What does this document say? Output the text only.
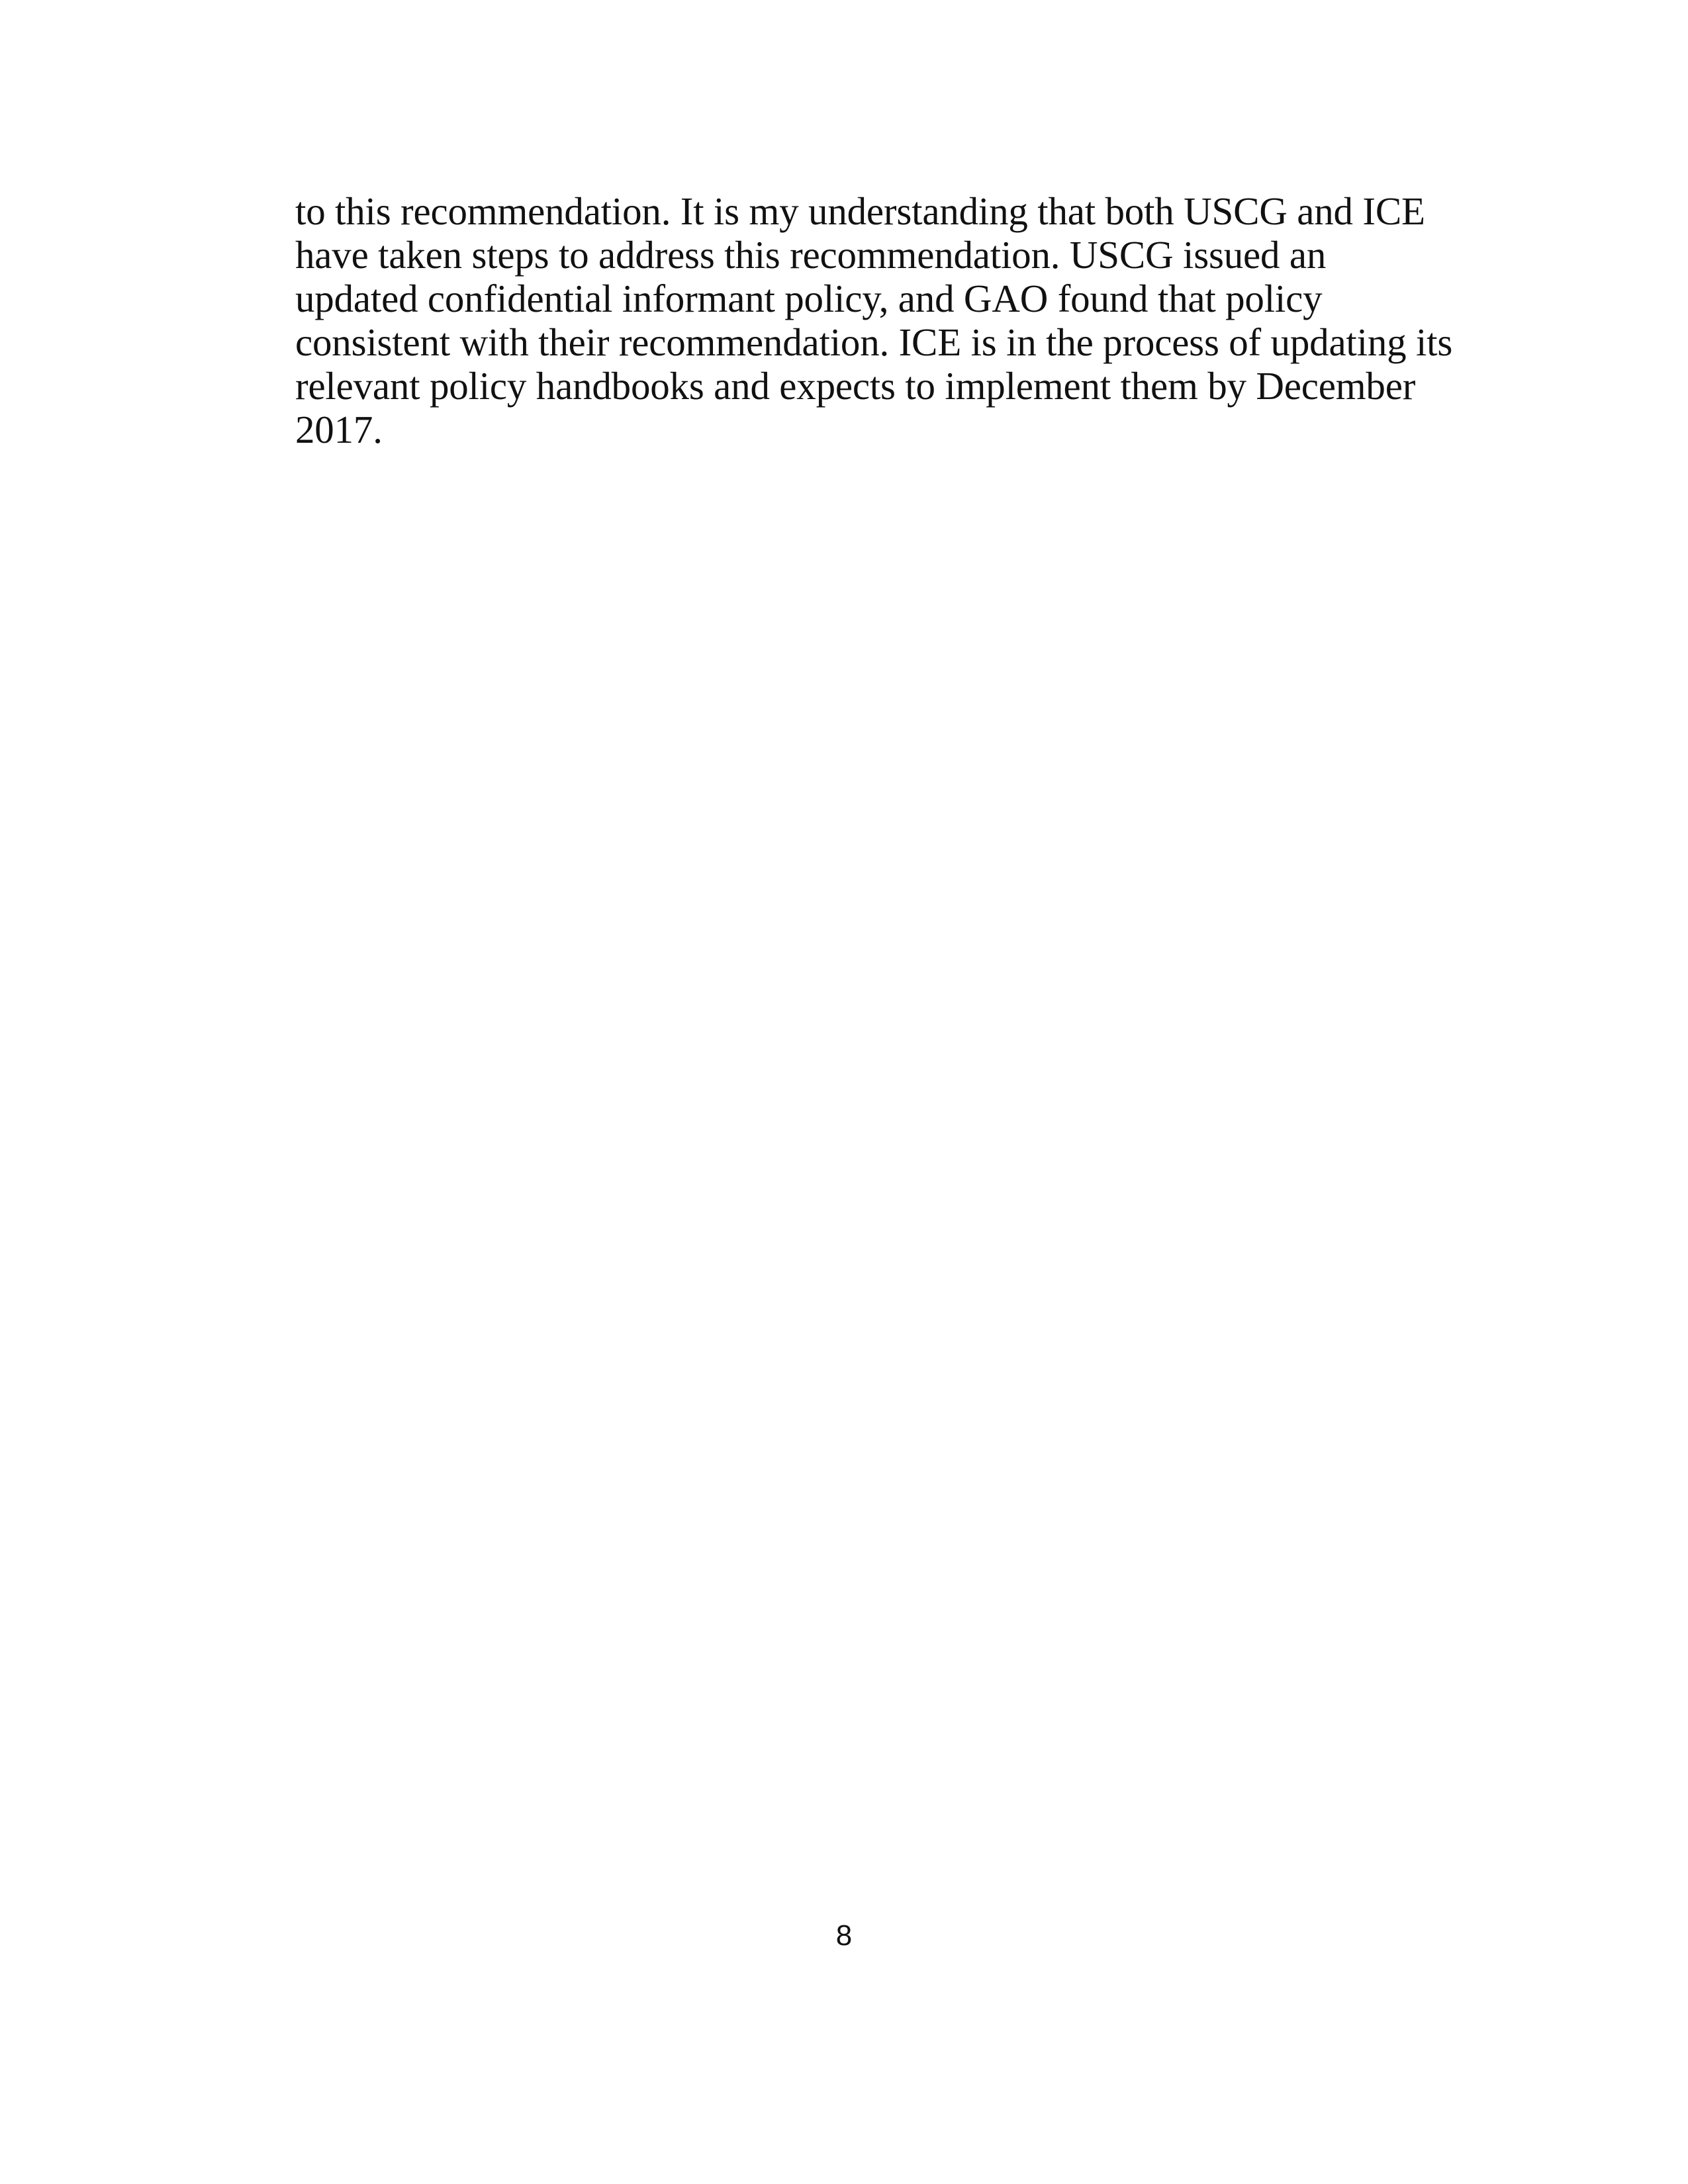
to this recommendation. It is my understanding that both USCG and ICE
have taken steps to address this recommendation. USCG issued an
updated confidential informant policy, and GAO found that policy
consistent with their recommendation. ICE is in the process of updating its
relevant policy handbooks and expects to implement them by December
2017.
8
